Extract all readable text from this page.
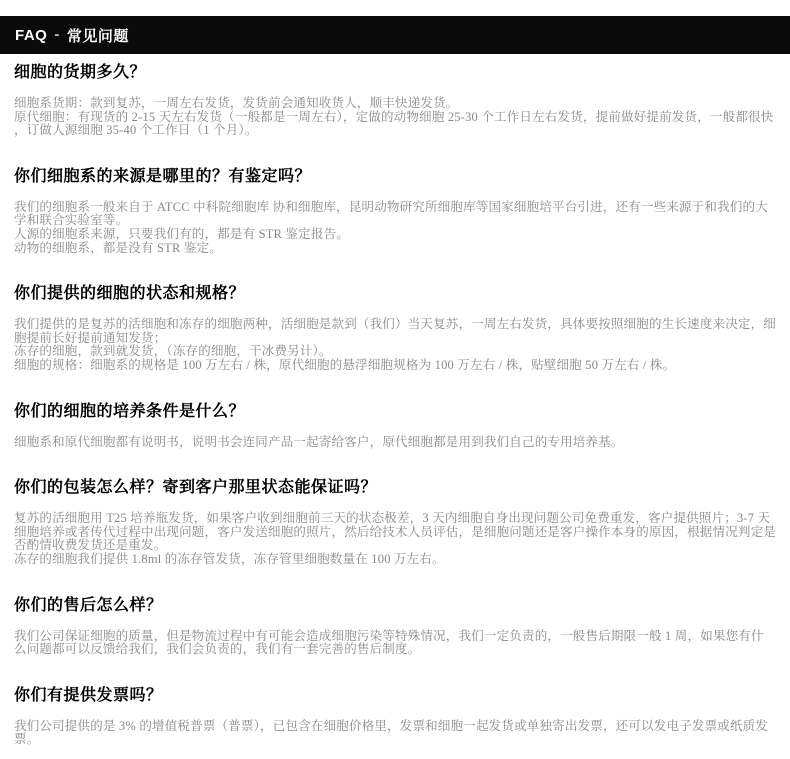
FAQ - 常见问题
细胞的货期多久？

细胞系货期：款到复苏，一周左右发货，发货前会通知收货人，顺丰快递发货。

原代细胞：有现货的 2-15 天左右发货（一般都是一周左右），定做的动物细胞 25-30 个工作日左右发货，提前做好提前发货，一般都很快 ，订做人源细胞 35-40 个工作日（1 个月）。

你们细胞系的来源是哪里的？有鉴定吗？

我们的细胞系一般来自于 ATCC 中科院细胞库 协和细胞库，昆明动物研究所细胞库等国家细胞培平台引进，还有一些来源于和我们的大学和联合实验室等。

人源的细胞系来源，只要我们有的，都是有 STR 鉴定报告。

动物的细胞系，都是没有 STR 鉴定。

你们提供的细胞的状态和规格？

我们提供的是复苏的活细胞和冻存的细胞两种，活细胞是款到（我们）当天复苏，一周左右发货，具体要按照细胞的生长速度来决定，细胞提前长好提前通知发货；

冻存的细胞，款到就发货，（冻存的细胞，干冰费另计）。

细胞的规格：细胞系的规格是 100 万左右 / 株，原代细胞的悬浮细胞规格为 100 万左右 / 株，贴壁细胞 50 万左右 / 株。

你们的细胞的培养条件是什么？

细胞系和原代细胞都有说明书，说明书会连同产品一起寄给客户，原代细胞都是用到我们自己的专用培养基。

你们的包装怎么样？寄到客户那里状态能保证吗？

复苏的活细胞用 T25 培养瓶发货，如果客户收到细胞前三天的状态极差，3 天内细胞自身出现问题公司免费重发，客户提供照片；3-7 天细胞培养或者传代过程中出现问题，客户发送细胞的照片，然后给技术人员评估，是细胞问题还是客户操作本身的原因，根据情况判定是否酌情收费发货还是重发。

冻存的细胞我们提供 1.8ml 的冻存管发货，冻存管里细胞数量在 100 万左右。

你们的售后怎么样？

我们公司保证细胞的质量，但是物流过程中有可能会造成细胞污染等特殊情况，我们一定负责的，一般售后期限一般 1 周，如果您有什么问题都可以反馈给我们，我们会负责的，我们有一套完善的售后制度。

你们有提供发票吗？

我们公司提供的是 3% 的增值税普票（普票），已包含在细胞价格里，发票和细胞一起发货或单独寄出发票，还可以发电子发票或纸质发票。
